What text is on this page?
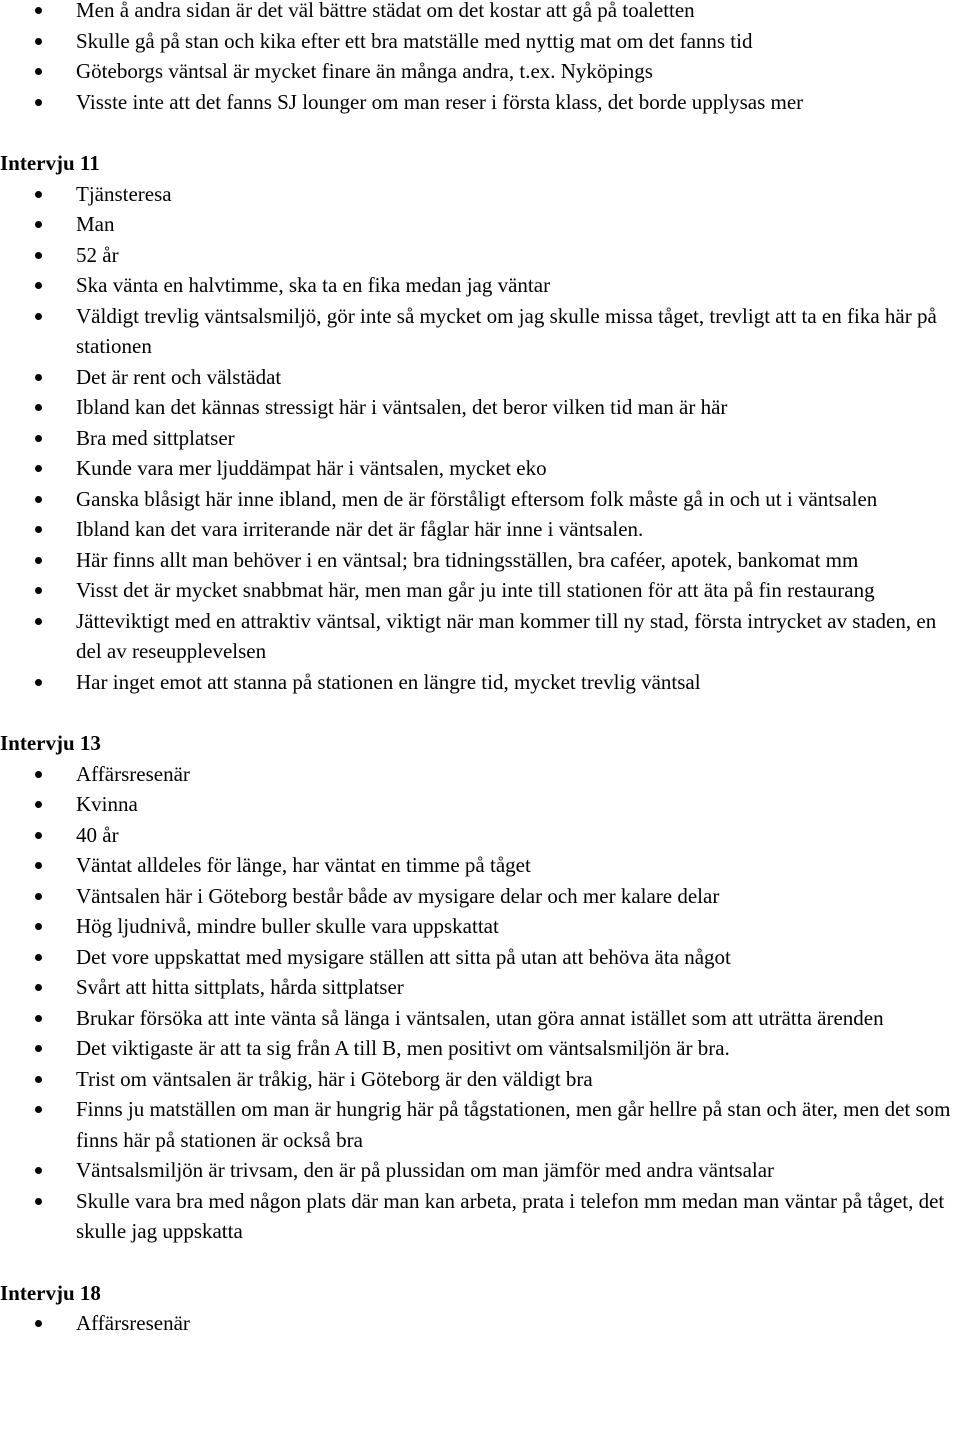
Men å andra sidan är det väl bättre städat om det kostar att gå på toaletten
Skulle gå på stan och kika efter ett bra matställe med nyttig mat om det fanns tid
Göteborgs väntsal är mycket finare än många andra, t.ex. Nyköpings
Visste inte att det fanns SJ lounger om man reser i första klass, det borde upplysas mer
Intervju 11
Tjänsteresa
Man
52 år
Ska vänta en halvtimme, ska ta en fika medan jag väntar
Väldigt trevlig väntsalsmiljö, gör inte så mycket om jag skulle missa tåget, trevligt att ta en fika här på stationen
Det är rent och välstädat
Ibland kan det kännas stressigt här i väntsalen, det beror vilken tid man är här
Bra med sittplatser
Kunde vara mer ljuddämpat här i väntsalen, mycket eko
Ganska blåsigt här inne ibland, men de är förståligt eftersom folk måste gå in och ut i väntsalen
Ibland kan det vara irriterande när det är fåglar här inne i väntsalen.
Här finns allt man behöver i en väntsal; bra tidningsställen, bra caféer, apotek, bankomat mm
Visst det är mycket snabbmat här, men man går ju inte till stationen för att äta på fin restaurang
Jätteviktigt med en attraktiv väntsal, viktigt när man kommer till ny stad, första intrycket av staden, en del av reseupplevelsen
Har inget emot att stanna på stationen en längre tid, mycket trevlig väntsal
Intervju 13
Affärsresenär
Kvinna
40 år
Väntat alldeles för länge, har väntat en timme på tåget
Väntsalen här i Göteborg består både av mysigare delar och mer kalare delar
Hög ljudnivå, mindre buller skulle vara uppskattat
Det vore uppskattat med mysigare ställen att sitta på utan att behöva äta något
Svårt att hitta sittplats, hårda sittplatser
Brukar försöka att inte vänta så länga i väntsalen, utan göra annat istället som att uträtta ärenden
Det viktigaste är att ta sig från A till B, men positivt om väntsalsmiljön är bra.
Trist om väntsalen är tråkig, här i Göteborg är den väldigt bra
Finns ju matställen om man är hungrig här på tågstationen, men går hellre på stan och äter, men det som finns här på stationen är också bra
Väntsalsmiljön är trivsam, den är på plussidan om man jämför med andra väntsalar
Skulle vara bra med någon plats där man kan arbeta, prata i telefon mm medan man väntar på tåget, det skulle jag uppskatta
Intervju 18
Affärsresenär
